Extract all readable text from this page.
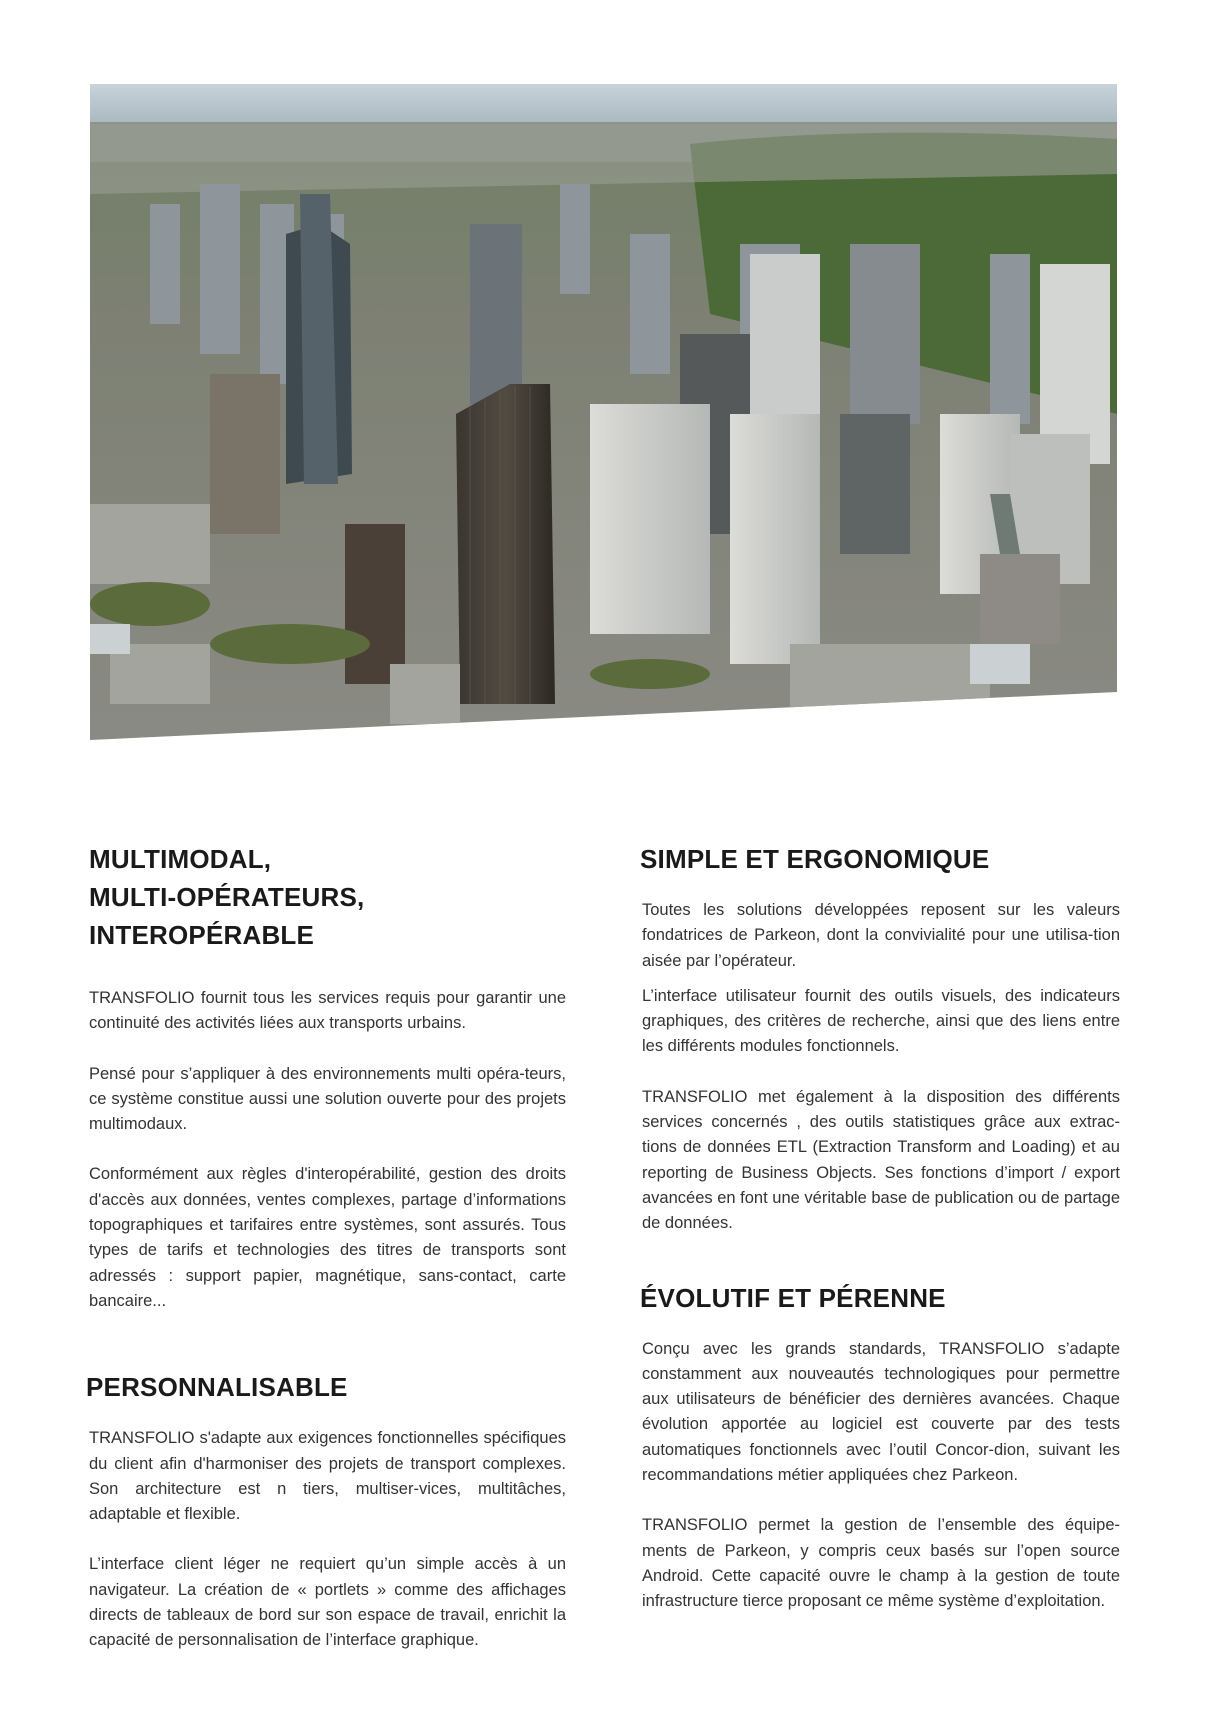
MULTIMODAL,
MULTI-OPÉRATEURS,
INTEROPÉRABLE

TRANSFOLIO fournit tous les services requis pour garantir une continuité des activités liées aux transports urbains.

Pensé pour s’appliquer à des environnements multi opéra-teurs, ce système constitue aussi une solution ouverte pour des projets multimodaux.

Conformément aux règles d'interopérabilité, gestion des droits d'accès aux données, ventes complexes, partage d’informations topographiques et tarifaires entre systèmes, sont assurés. Tous types de tarifs et technologies des titres de transports sont adressés : support papier, magnétique, sans-contact, carte bancaire...

PERSONNALISABLE

TRANSFOLIO s'adapte aux exigences fonctionnelles spécifiques du client afin d'harmoniser des projets de transport complexes. Son architecture est n tiers, multiser-vices, multitâches, adaptable et flexible.

L’interface client léger ne requiert qu’un simple accès à un navigateur. La création de « portlets » comme des affichages directs de tableaux de bord sur son espace de travail, enrichit la capacité de personnalisation de l’interface graphique.

SIMPLE ET ERGONOMIQUE

Toutes les solutions développées reposent sur les valeurs fondatrices de Parkeon, dont la convivialité pour une utilisa-tion aisée par l’opérateur.

L’interface utilisateur fournit des outils visuels, des indicateurs graphiques, des critères de recherche, ainsi que des liens entre les différents modules fonctionnels.

TRANSFOLIO met également à la disposition des différents services concernés , des outils statistiques grâce aux extrac-tions de données ETL (Extraction Transform and Loading) et au reporting de Business Objects. Ses fonctions d’import / export avancées en font une véritable base de publication ou de partage de données.

ÉVOLUTIF ET PÉRENNE

Conçu avec les grands standards, TRANSFOLIO s’adapte constamment aux nouveautés technologiques pour permettre aux utilisateurs de bénéficier des dernières avancées. Chaque évolution apportée au logiciel est couverte par des tests automatiques fonctionnels avec l’outil Concor-dion, suivant les recommandations métier appliquées chez Parkeon.

TRANSFOLIO permet la gestion de l’ensemble des équipe-ments de Parkeon, y compris ceux basés sur l’open source Android. Cette capacité ouvre le champ à la gestion de toute infrastructure tierce proposant ce même système d’exploitation.
